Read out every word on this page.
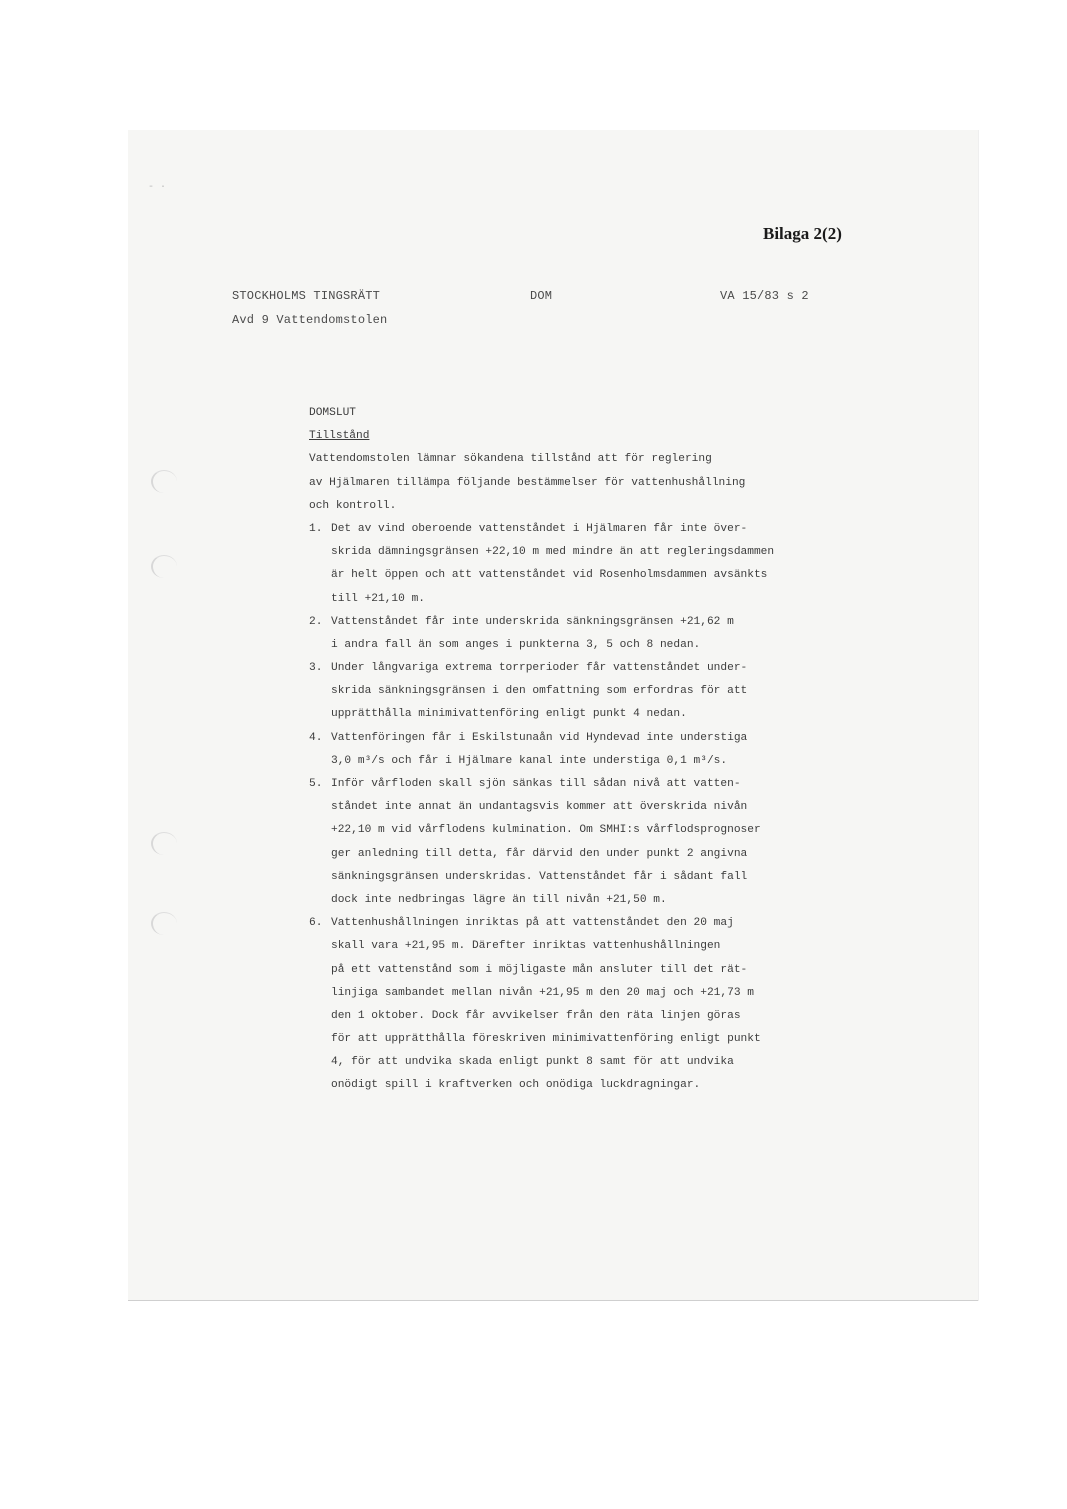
- ·
Bilaga 2(2)
STOCKHOLMS TINGSRÄTT
Avd 9 Vattendomstolen
DOM	VA 15/83 s 2
DOMSLUT
Tillstånd
Vattendomstolen lämnar sökandena tillstånd att för reglering
av Hjälmaren tillämpa följande bestämmelser för vattenhushållning
och kontroll.
1. Det av vind oberoende vattenståndet i Hjälmaren får inte över-
skrida dämningsgränsen +22,10 m med mindre än att regleringsdammen
är helt öppen och att vattenståndet vid Rosenholmsdammen avsänkts
till +21,10 m.
2. Vattenståndet får inte underskrida sänkningsgränsen +21,62 m
i andra fall än som anges i punkterna 3, 5 och 8 nedan.
3. Under långvariga extrema torrperioder får vattenståndet under-
skrida sänkningsgränsen i den omfattning som erfordras för att
upprätthålla minimivattenföring enligt punkt 4 nedan.
4. Vattenföringen får i Eskilstunaån vid Hyndevad inte understiga
3,0 m³/s och får i Hjälmare kanal inte understiga 0,1 m³/s.
5. Inför vårfloden skall sjön sänkas till sådan nivå att vatten-
ståndet inte annat än undantagsvis kommer att överskrida nivån
+22,10 m vid vårflodens kulmination. Om SMHI:s vårflodsprognoser
ger anledning till detta, får därvid den under punkt 2 angivna
sänkningsgränsen underskridas. Vattenståndet får i sådant fall
dock inte nedbringas lägre än till nivån +21,50 m.
6. Vattenhushållningen inriktas på att vattenståndet den 20 maj
skall vara +21,95 m. Därefter inriktas vattenhushållningen
på ett vattenstånd som i möjligaste mån ansluter till det rät-
linjiga sambandet mellan nivån +21,95 m den 20 maj och +21,73 m
den 1 oktober. Dock får avvikelser från den räta linjen göras
för att upprätthålla föreskriven minimivattenföring enligt punkt
4, för att undvika skada enligt punkt 8 samt för att undvika
onödigt spill i kraftverken och onödiga luckdragningar.
